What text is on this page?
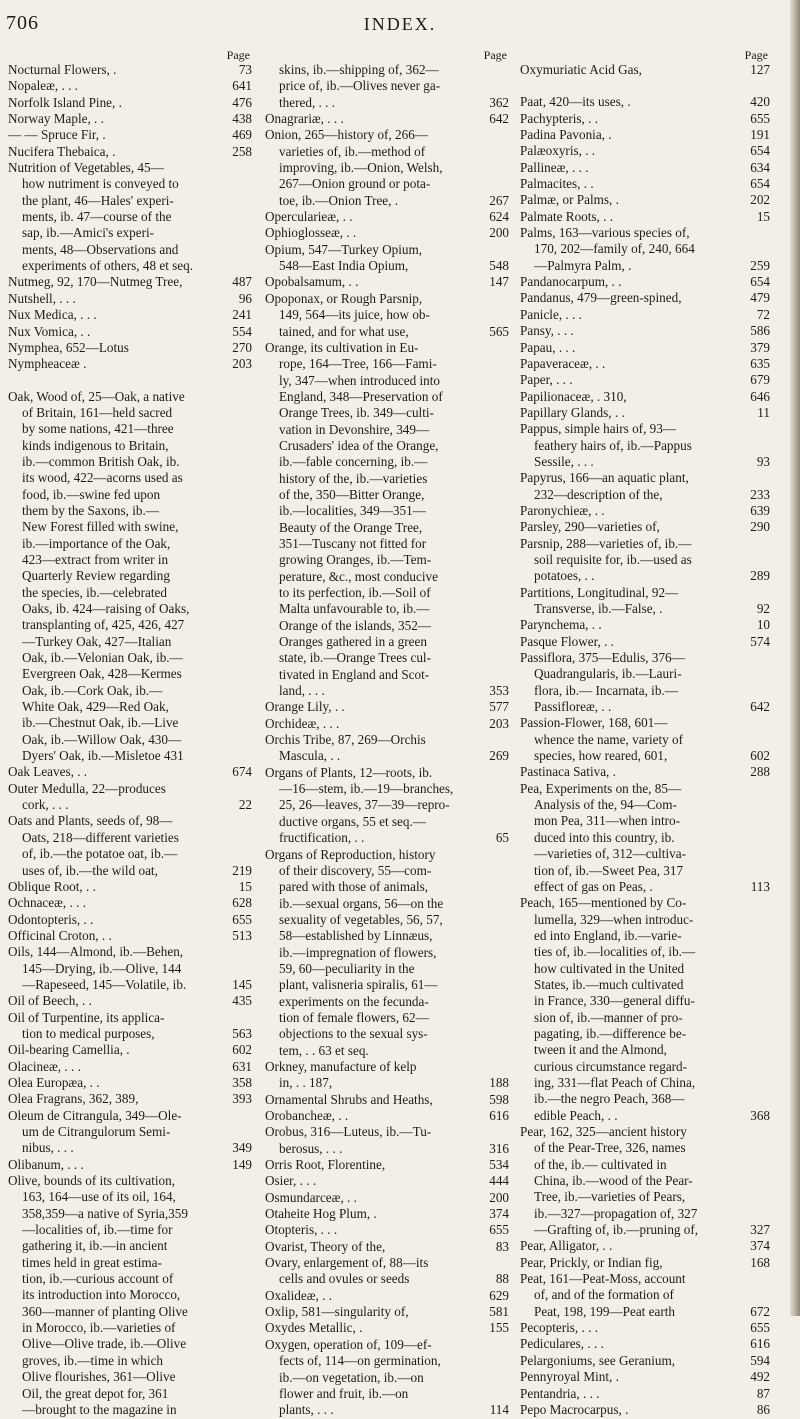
706	INDEX.
Page
Nocturnal Flowers, .	73
Nopaleæ, . . .	641
Norfolk Island Pine, .	476
Norway Maple, . .	438
— — Spruce Fir, .	469
Nucifera Thebaica, .	258
Nutrition of Vegetables, 45—
how nutriment is conveyed to
the plant, 46—Hales' experi-
ments, ib. 47—course of the
sap, ib.—Amici's experi-
ments, 48—Observations and
experiments of others, 48 et seq.
Nutmeg, 92, 170—Nutmeg Tree,	487
Nutshell, . . .	96
Nux Medica, . . .	241
Nux Vomica, . .	554
Nymphea, 652—Lotus	270
Nympheaceæ .	203
Oak, Wood of, 25—Oak, a native
of Britain, 161—held sacred
by some nations, 421—three
kinds indigenous to Britain,
ib.—common British Oak, ib.
its wood, 422—acorns used as
food, ib.—swine fed upon
them by the Saxons, ib.—
New Forest filled with swine,
ib.—importance of the Oak,
423—extract from writer in
Quarterly Review regarding
the species, ib.—celebrated
Oaks, ib. 424—raising of Oaks,
transplanting of, 425, 426, 427
—Turkey Oak, 427—Italian
Oak, ib.—Velonian Oak, ib.—
Evergreen Oak, 428—Kermes
Oak, ib.—Cork Oak, ib.—
White Oak, 429—Red Oak,
ib.—Chestnut Oak, ib.—Live
Oak, ib.—Willow Oak, 430—
Dyers' Oak, ib.—Misletoe 431
Oak Leaves, . .	674
Outer Medulla, 22—produces
cork, . . .	22
Oats and Plants, seeds of, 98—
Oats, 218—different varieties
of, ib.—the potatoe oat, ib.—
uses of, ib.—the wild oat,	219
Oblique Root, . .	15
Ochnaceæ, . . .	628
Odontopteris, . .	655
Officinal Croton, . .	513
Oils, 144—Almond, ib.—Behen,
145—Drying, ib.—Olive, 144
—Rapeseed, 145—Volatile, ib.	145
Oil of Beech, . .	435
Oil of Turpentine, its applica-
tion to medical purposes,	563
Oil-bearing Camellia, .	602
Olacineæ, . . .	631
Olea Europæa, . .	358
Olea Fragrans, 362, 389,	393
Oleum de Citrangula, 349—Ole-
um de Citrangulorum Semi-
nibus, . . .	349
Olibanum, . . .	149
Olive, bounds of its cultivation,
163, 164—use of its oil, 164,
358,359—a native of Syria,359
—localities of, ib.—time for
gathering it, ib.—in ancient
times held in great estima-
tion, ib.—curious account of
its introduction into Morocco,
360—manner of planting Olive
in Morocco, ib.—varieties of
Olive—Olive trade, ib.—Olive
groves, ib.—time in which
Olive flourishes, 361—Olive
Oil, the great depot for, 361
—brought to the magazine in
Page
skins, ib.—shipping of, 362—
price of, ib.—Olives never ga-
thered, . . .	362
Onagrariæ, . . .	642
Onion, 265—history of, 266—
varieties of, ib.—method of
improving, ib.—Onion, Welsh,
267—Onion ground or pota-
toe, ib.—Onion Tree, .	267
Opercularieæ, . .	624
Ophioglosseæ, . .	200
Opium, 547—Turkey Opium,
548—East India Opium,	548
Opobalsamum, . .	147
Opoponax, or Rough Parsnip,
149, 564—its juice, how ob-
tained, and for what use,	565
Orange, its cultivation in Eu-
rope, 164—Tree, 166—Fami-
ly, 347—when introduced into
England, 348—Preservation of
Orange Trees, ib. 349—culti-
vation in Devonshire, 349—
Crusaders' idea of the Orange,
ib.—fable concerning, ib.—
history of the, ib.—varieties
of the, 350—Bitter Orange,
ib.—localities, 349—351—
Beauty of the Orange Tree,
351—Tuscany not fitted for
growing Oranges, ib.—Tem-
perature, &c., most conducive
to its perfection, ib.—Soil of
Malta unfavourable to, ib.—
Orange of the islands, 352—
Oranges gathered in a green
state, ib.—Orange Trees cul-
tivated in England and Scot-
land, . . .	353
Orange Lily, . .	577
Orchideæ, . . .	203
Orchis Tribe, 87, 269—Orchis
Mascula, . .	269
Organs of Plants, 12—roots, ib.
—16—stem, ib.—19—branches,
25, 26—leaves, 37—39—repro-
ductive organs, 55 et seq.—
fructification, . .	65
Organs of Reproduction, history
of their discovery, 55—com-
pared with those of animals,
ib.—sexual organs, 56—on the
sexuality of vegetables, 56, 57,
58—established by Linnæus,
ib.—impregnation of flowers,
59, 60—peculiarity in the
plant, valisneria spiralis, 61—
experiments on the fecunda-
tion of female flowers, 62—
objections to the sexual sys-
tem, . . 63 et seq.
Orkney, manufacture of kelp
in, . . 187,	188
Ornamental Shrubs and Heaths,	598
Orobancheæ, . .	616
Orobus, 316—Luteus, ib.—Tu-
berosus, . . .	316
Orris Root, Florentine,	534
Osier, . . .	444
Osmundarceæ, . .	200
Otaheite Hog Plum, .	374
Otopteris, . . .	655
Ovarist, Theory of the,	83
Ovary, enlargement of, 88—its
cells and ovules or seeds	88
Oxalideæ, . .	629
Oxlip, 581—singularity of,	581
Oxydes Metallic, .	155
Oxygen, operation of, 109—ef-
fects of, 114—on germination,
ib.—on vegetation, ib.—on
flower and fruit, ib.—on
plants, . . .	114
Page
Oxymuriatic Acid Gas,	127
Paat, 420—its uses, .	420
Pachypteris, . .	655
Padina Pavonia, .	191
Palæoxyris, . .	654
Pallineæ, . . .	634
Palmacites, . .	654
Palmæ, or Palms, .	202
Palmate Roots, . .	15
Palms, 163—various species of,
170, 202—family of, 240, 664
—Palmyra Palm, .	259
Pandanocarpum, . .	654
Pandanus, 479—green-spined,	479
Panicle, . . .	72
Pansy, . . .	586
Papau, . . .	379
Papaveraceæ, . .	635
Paper, . . .	679
Papilionaceæ, . 310,	646
Papillary Glands, . .	11
Pappus, simple hairs of, 93—
feathery hairs of, ib.—Pappus
Sessile, . . .	93
Papyrus, 166—an aquatic plant,
232—description of the,	233
Paronychieæ, . .	639
Parsley, 290—varieties of,	290
Parsnip, 288—varieties of, ib.—
soil requisite for, ib.—used as
potatoes, . .	289
Partitions, Longitudinal, 92—
Transverse, ib.—False, .	92
Parynchema, . .	10
Pasque Flower, . .	574
Passiflora, 375—Edulis, 376—
Quadrangularis, ib.—Lauri-
flora, ib.— Incarnata, ib.—
Passifloreæ, . .	642
Passion-Flower, 168, 601—
whence the name, variety of
species, how reared, 601,	602
Pastinaca Sativa, .	288
Pea, Experiments on the, 85—
Analysis of the, 94—Com-
mon Pea, 311—when intro-
duced into this country, ib.
—varieties of, 312—cultiva-
tion of, ib.—Sweet Pea, 317
effect of gas on Peas, .	113
Peach, 165—mentioned by Co-
lumella, 329—when introduc-
ed into England, ib.—varie-
ties of, ib.—localities of, ib.—
how cultivated in the United
States, ib.—much cultivated
in France, 330—general diffu-
sion of, ib.—manner of pro-
pagating, ib.—difference be-
tween it and the Almond,
curious circumstance regard-
ing, 331—flat Peach of China,
ib.—the negro Peach, 368—
edible Peach, . .	368
Pear, 162, 325—ancient history
of the Pear-Tree, 326, names
of the, ib.— cultivated in
China, ib.—wood of the Pear-
Tree, ib.—varieties of Pears,
ib.—327—propagation of, 327
—Grafting of, ib.—pruning of,	327
Pear, Alligator, . .	374
Pear, Prickly, or Indian fig,	168
Peat, 161—Peat-Moss, account
of, and of the formation of
Peat, 198, 199—Peat earth	672
Pecopteris, . . .	655
Pediculares, . . .	616
Pelargoniums, see Geranium,	594
Pennyroyal Mint, .	492
Pentandria, . . .	87
Pepo Macrocarpus, .	86
